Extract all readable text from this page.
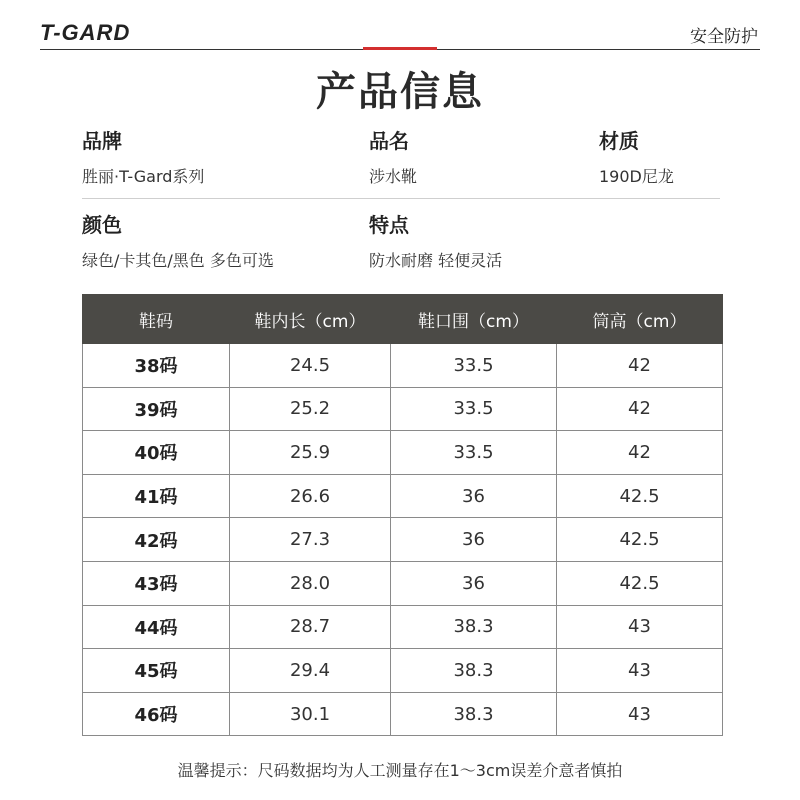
T-GARD	安全防护
产品信息
品牌
胜丽·T-Gard系列
品名
涉水靴
材质
190D尼龙
颜色
绿色/卡其色/黑色 多色可选
特点
防水耐磨 轻便灵活
鞋码	鞋内长（cm）	鞋口围（cm）	筒高（cm）
38码	24.5	33.5	42
39码	25.2	33.5	42
40码	25.9	33.5	42
41码	26.6	36	42.5
42码	27.3	36	42.5
43码	28.0	36	42.5
44码	28.7	38.3	43
45码	29.4	38.3	43
46码	30.1	38.3	43
温馨提示：尺码数据均为人工测量存在1～3cm误差介意者慎拍
